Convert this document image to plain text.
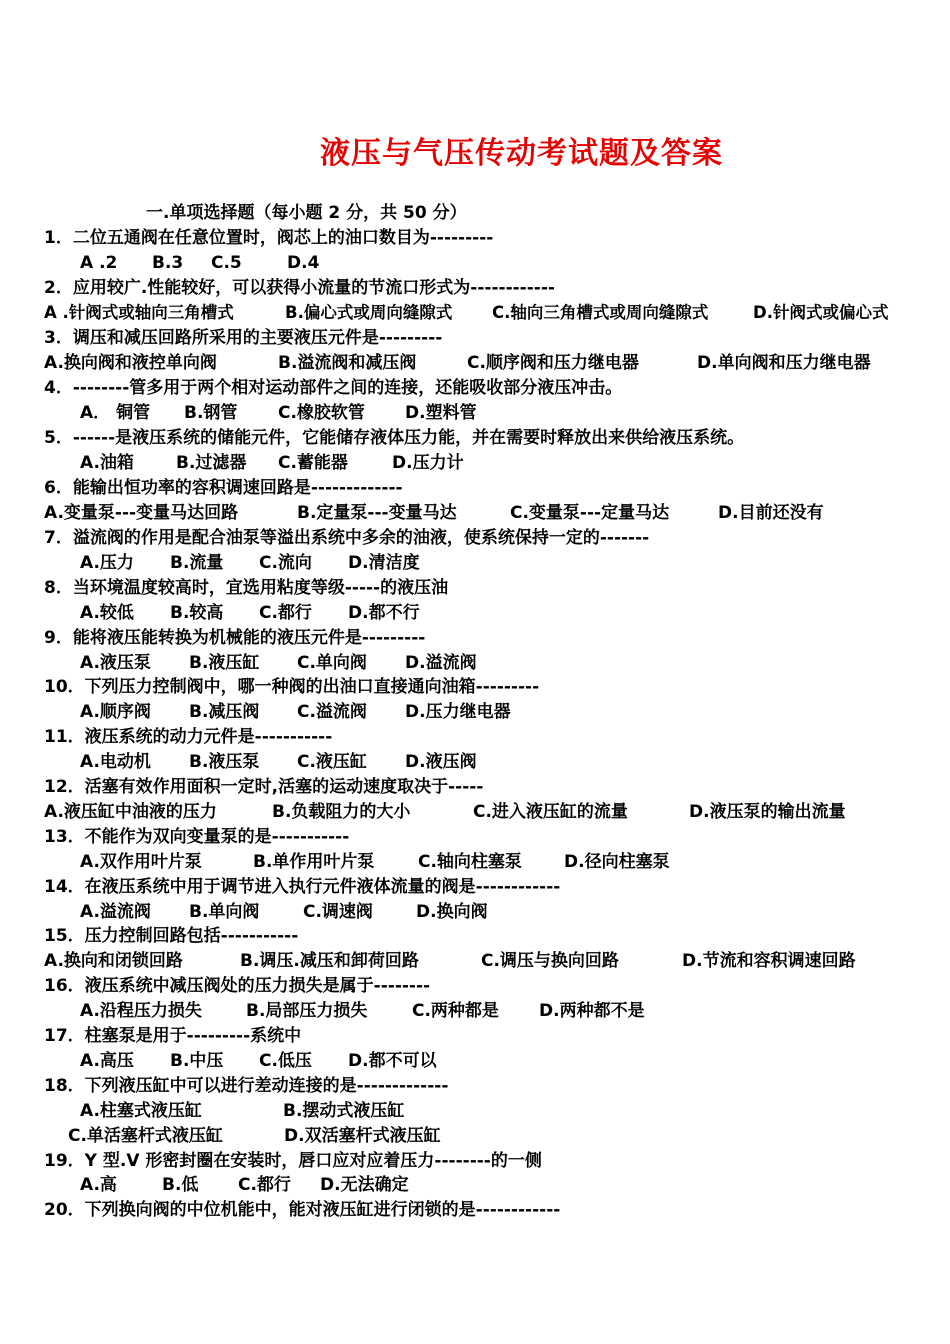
液压与气压传动考试题及答案
一.单项选择题（每小题 2 分，共 50 分）
1．二位五通阀在任意位置时，阀芯上的油口数目为---------
A .2 B.3 C.5	D.4
2．应用较广.性能较好，可以获得小流量的节流口形式为------------
A .针阀式或轴向三角槽式	B.偏心式或周向缝隙式 C.轴向三角槽式或周向缝隙式	D.针阀式或偏心式
3．调压和减压回路所采用的主要液压元件是---------
A.换向阀和液控单向阀	B.溢流阀和减压阀	C.顺序阀和压力继电器	D.单向阀和压力继电器
4．--------管多用于两个相对运动部件之间的连接，还能吸收部分液压冲击。
A． 铜管 B.钢管 C.橡胶软管 D.塑料管
5．------是液压系统的储能元件，它能储存液体压力能，并在需要时释放出来供给液压系统。
A.油箱 B.过滤器 C.蓄能器	D.压力计
6．能输出恒功率的容积调速回路是-------------
A.变量泵---变量马达回路	B.定量泵---变量马达	C.变量泵---定量马达	D.目前还没有
7．溢流阀的作用是配合油泵等溢出系统中多余的油液，使系统保持一定的-------
A.压力 B.流量 C.流向 D.清洁度
8．当环境温度较高时，宜选用粘度等级-----的液压油
A.较低 B.较高 C.都行 D.都不行
9．能将液压能转换为机械能的液压元件是---------
A.液压泵 B.液压缸 C.单向阀 D.溢流阀
10．下列压力控制阀中，哪一种阀的出油口直接通向油箱---------
A.顺序阀 B.减压阀 C.溢流阀 D.压力继电器
11．液压系统的动力元件是-----------
A.电动机 B.液压泵 C.液压缸 D.液压阀
12．活塞有效作用面积一定时,活塞的运动速度取决于-----
A.液压缸中油液的压力	B.负载阻力的大小	C.进入液压缸的流量	D.液压泵的输出流量
13．不能作为双向变量泵的是-----------
A.双作用叶片泵	B.单作用叶片泵	C.轴向柱塞泵 D.径向柱塞泵
14．在液压系统中用于调节进入执行元件液体流量的阀是------------
A.溢流阀 B.单向阀	C.调速阀	D.换向阀
15．压力控制回路包括-----------
A.换向和闭锁回路	B.调压.减压和卸荷回路	C.调压与换向回路	D.节流和容积调速回路
16．液压系统中减压阀处的压力损失是属于--------
A.沿程压力损失	B.局部压力损失	C.两种都是 D.两种都不是
17．柱塞泵是用于---------系统中
A.高压 B.中压 C.低压 D.都不可以
18．下列液压缸中可以进行差动连接的是-------------
A.柱塞式液压缸	B.摆动式液压缸
C.单活塞杆式液压缸	D.双活塞杆式液压缸
19．Y 型.V 形密封圈在安装时，唇口应对应着压力--------的一侧
A.高	B.低 C.都行 D.无法确定
20．下列换向阀的中位机能中，能对液压缸进行闭锁的是------------
